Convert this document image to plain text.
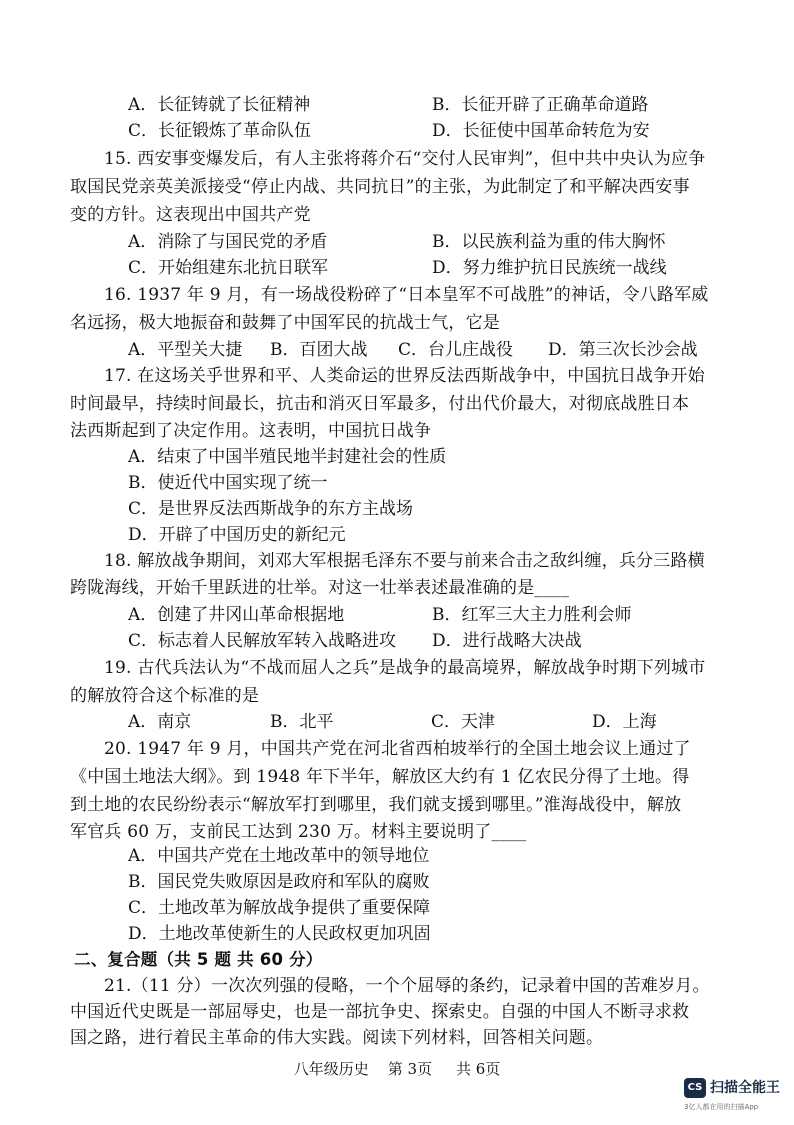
A．长征铸就了长征精神	B．长征开辟了正确革命道路
C．长征锻炼了革命队伍	D．长征使中国革命转危为安
15. 西安事变爆发后，有人主张将蒋介石“交付人民审判”，但中共中央认为应争
取国民党亲英美派接受“停止内战、共同抗日”的主张，为此制定了和平解决西安事
变的方针。这表现出中国共产党
A．消除了与国民党的矛盾	B．以民族利益为重的伟大胸怀
C．开始组建东北抗日联军	D．努力维护抗日民族统一战线
16. 1937 年 9 月，有一场战役粉碎了“日本皇军不可战胜”的神话，令八路军威
名远扬，极大地振奋和鼓舞了中国军民的抗战士气，它是
A．平型关大捷 B．百团大战 C．台儿庄战役 D．第三次长沙会战
17. 在这场关乎世界和平、人类命运的世界反法西斯战争中，中国抗日战争开始
时间最早，持续时间最长，抗击和消灭日军最多，付出代价最大，对彻底战胜日本
法西斯起到了决定作用。这表明，中国抗日战争
A．结束了中国半殖民地半封建社会的性质
B．使近代中国实现了统一
C．是世界反法西斯战争的东方主战场
D．开辟了中国历史的新纪元
18. 解放战争期间，刘邓大军根据毛泽东不要与前来合击之敌纠缠，兵分三路横
跨陇海线，开始千里跃进的壮举。对这一壮举表述最准确的是____
A．创建了井冈山革命根据地	B．红军三大主力胜利会师
C．标志着人民解放军转入战略进攻 D．进行战略大决战
19. 古代兵法认为“不战而屈人之兵”是战争的最高境界，解放战争时期下列城市
的解放符合这个标准的是
A．南京	B．北平	C．天津	D．上海
20. 1947 年 9 月，中国共产党在河北省西柏坡举行的全国土地会议上通过了
《中国土地法大纲》。到 1948 年下半年，解放区大约有 1 亿农民分得了土地。得
到土地的农民纷纷表示“解放军打到哪里，我们就支援到哪里。”淮海战役中，解放
军官兵 60 万，支前民工达到 230 万。材料主要说明了____
A．中国共产党在土地改革中的领导地位
B．国民党失败原因是政府和军队的腐败
C．土地改革为解放战争提供了重要保障
D．土地改革使新生的人民政权更加巩固
二、复合题（共 5 题 共 60 分）
21.（11 分）一次次列强的侵略，一个个屈辱的条约，记录着中国的苦难岁月。
中国近代史既是一部屈辱史，也是一部抗争史、探索史。自强的中国人不断寻求救
国之路，进行着民主革命的伟大实践。阅读下列材料，回答相关问题。
八年级历史    第 3页     共 6页
CS 扫描全能王
3亿人都在用的扫描App
